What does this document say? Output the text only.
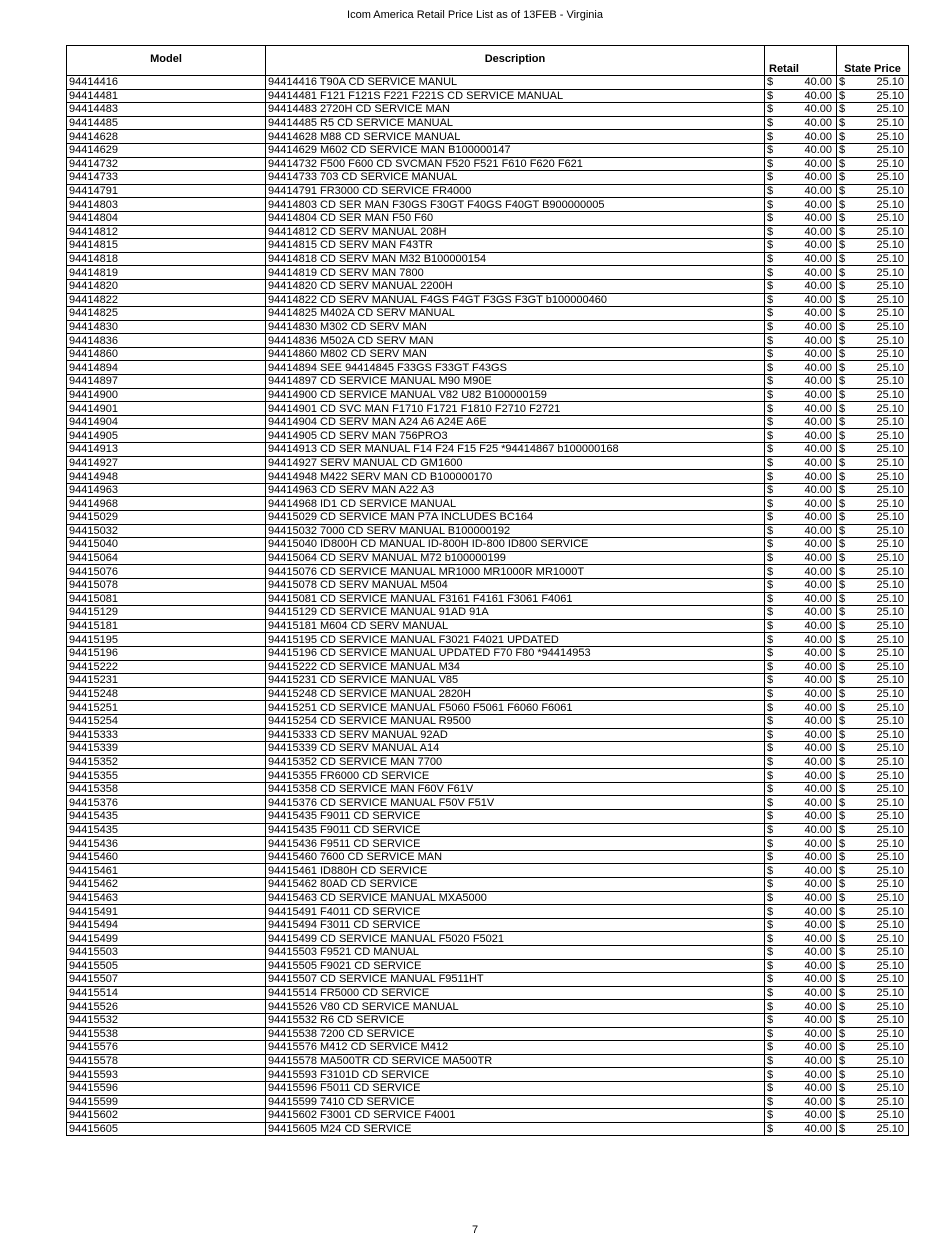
Icom America Retail Price List as of 13FEB - Virginia
Model	Description	Retail	State Price
94414416	94414416 T90A CD SERVICE MANUL	$ 40.00	$ 25.10

94414481	94414481 F121 F121S F221 F221S CD SERVICE MANUAL	$ 40.00	$ 25.10

94414483	94414483 2720H CD SERVICE MAN	$ 40.00	$ 25.10

94414485	94414485 R5 CD SERVICE MANUAL	$ 40.00	$ 25.10

94414628	94414628 M88 CD SERVICE MANUAL	$ 40.00	$ 25.10

94414629	94414629 M602 CD SERVICE MAN B100000147	$ 40.00	$ 25.10

94414732	94414732 F500 F600 CD SVCMAN F520 F521 F610 F620 F621	$ 40.00	$ 25.10

94414733	94414733 703 CD SERVICE MANUAL	$ 40.00	$ 25.10

94414791	94414791 FR3000 CD SERVICE FR4000	$ 40.00	$ 25.10

94414803	94414803 CD SER MAN F30GS F30GT F40GS F40GT B900000005	$ 40.00	$ 25.10

94414804	94414804 CD SER MAN F50 F60	$ 40.00	$ 25.10

94414812	94414812 CD SERV MANUAL 208H	$ 40.00	$ 25.10

94414815	94414815 CD SERV MAN F43TR	$ 40.00	$ 25.10

94414818	94414818 CD SERV MAN M32 B100000154	$ 40.00	$ 25.10

94414819	94414819 CD SERV MAN 7800	$ 40.00	$ 25.10

94414820	94414820 CD SERV MANUAL 2200H	$ 40.00	$ 25.10

94414822	94414822 CD SERV MANUAL F4GS F4GT F3GS F3GT b100000460	$ 40.00	$ 25.10

94414825	94414825 M402A CD SERV MANUAL	$ 40.00	$ 25.10

94414830	94414830 M302 CD SERV MAN	$ 40.00	$ 25.10

94414836	94414836 M502A CD SERV MAN	$ 40.00	$ 25.10

94414860	94414860 M802 CD SERV MAN	$ 40.00	$ 25.10

94414894	94414894 SEE 94414845 F33GS F33GT F43GS	$ 40.00	$ 25.10

94414897	94414897 CD SERVICE MANUAL M90 M90E	$ 40.00	$ 25.10

94414900	94414900 CD SERVICE MANUAL V82 U82 B100000159	$ 40.00	$ 25.10

94414901	94414901 CD SVC MAN F1710 F1721 F1810 F2710 F2721	$ 40.00	$ 25.10

94414904	94414904 CD SERV MAN A24 A6 A24E A6E	$ 40.00	$ 25.10

94414905	94414905 CD SERV MAN 756PRO3	$ 40.00	$ 25.10

94414913	94414913 CD SER MANUAL F14 F24 F15 F25 *94414867 b100000168	$ 40.00	$ 25.10

94414927	94414927 SERV MANUAL CD GM1600	$ 40.00	$ 25.10

94414948	94414948 M422 SERV MAN CD B100000170	$ 40.00	$ 25.10

94414963	94414963 CD SERV MAN A22 A3	$ 40.00	$ 25.10

94414968	94414968 ID1 CD SERVICE MANUAL	$ 40.00	$ 25.10

94415029	94415029 CD SERVICE MAN P7A INCLUDES BC164	$ 40.00	$ 25.10

94415032	94415032 7000 CD SERV MANUAL B100000192	$ 40.00	$ 25.10

94415040	94415040 ID800H CD MANUAL ID-800H ID-800 ID800 SERVICE	$ 40.00	$ 25.10

94415064	94415064 CD SERV MANUAL M72 b100000199	$ 40.00	$ 25.10

94415076	94415076 CD SERVICE MANUAL MR1000 MR1000R MR1000T	$ 40.00	$ 25.10

94415078	94415078 CD SERV MANUAL M504	$ 40.00	$ 25.10

94415081	94415081 CD SERVICE MANUAL F3161 F4161 F3061 F4061	$ 40.00	$ 25.10

94415129	94415129 CD SERVICE MANUAL 91AD 91A	$ 40.00	$ 25.10

94415181	94415181 M604 CD SERV MANUAL	$ 40.00	$ 25.10

94415195	94415195 CD SERVICE MANUAL F3021 F4021 UPDATED	$ 40.00	$ 25.10

94415196	94415196 CD SERVICE MANUAL UPDATED F70 F80 *94414953	$ 40.00	$ 25.10

94415222	94415222 CD SERVICE MANUAL M34	$ 40.00	$ 25.10

94415231	94415231 CD SERVICE MANUAL V85	$ 40.00	$ 25.10

94415248	94415248 CD SERVICE MANUAL 2820H	$ 40.00	$ 25.10

94415251	94415251 CD SERVICE MANUAL F5060 F5061 F6060 F6061	$ 40.00	$ 25.10

94415254	94415254 CD SERVICE MANUAL R9500	$ 40.00	$ 25.10

94415333	94415333 CD SERV MANUAL 92AD	$ 40.00	$ 25.10

94415339	94415339 CD SERV MANUAL A14	$ 40.00	$ 25.10

94415352	94415352 CD SERVICE MAN 7700	$ 40.00	$ 25.10

94415355	94415355 FR6000 CD SERVICE	$ 40.00	$ 25.10

94415358	94415358 CD SERVICE MAN F60V F61V	$ 40.00	$ 25.10

94415376	94415376 CD SERVICE MANUAL F50V F51V	$ 40.00	$ 25.10

94415435	94415435 F9011 CD SERVICE	$ 40.00	$ 25.10

94415435	94415435 F9011 CD SERVICE	$ 40.00	$ 25.10

94415436	94415436 F9511 CD SERVICE	$ 40.00	$ 25.10

94415460	94415460 7600 CD SERVICE MAN	$ 40.00	$ 25.10

94415461	94415461 ID880H CD SERVICE	$ 40.00	$ 25.10

94415462	94415462 80AD CD SERVICE	$ 40.00	$ 25.10

94415463	94415463 CD SERVICE MANUAL MXA5000	$ 40.00	$ 25.10

94415491	94415491 F4011 CD SERVICE	$ 40.00	$ 25.10

94415494	94415494 F3011 CD SERVICE	$ 40.00	$ 25.10

94415499	94415499 CD SERVICE MANUAL F5020 F5021	$ 40.00	$ 25.10

94415503	94415503 F9521 CD MANUAL	$ 40.00	$ 25.10

94415505	94415505 F9021 CD SERVICE	$ 40.00	$ 25.10

94415507	94415507 CD SERVICE MANUAL F9511HT	$ 40.00	$ 25.10

94415514	94415514 FR5000 CD SERVICE	$ 40.00	$ 25.10

94415526	94415526 V80 CD SERVICE MANUAL	$ 40.00	$ 25.10

94415532	94415532 R6 CD SERVICE	$ 40.00	$ 25.10

94415538	94415538 7200 CD SERVICE	$ 40.00	$ 25.10

94415576	94415576 M412 CD SERVICE M412	$ 40.00	$ 25.10

94415578	94415578 MA500TR CD SERVICE MA500TR	$ 40.00	$ 25.10

94415593	94415593 F3101D CD SERVICE	$ 40.00	$ 25.10

94415596	94415596 F5011 CD SERVICE	$ 40.00	$ 25.10

94415599	94415599 7410 CD SERVICE	$ 40.00	$ 25.10

94415602	94415602 F3001 CD SERVICE F4001	$ 40.00	$ 25.10

94415605	94415605 M24 CD SERVICE	$ 40.00	$ 25.10
7
